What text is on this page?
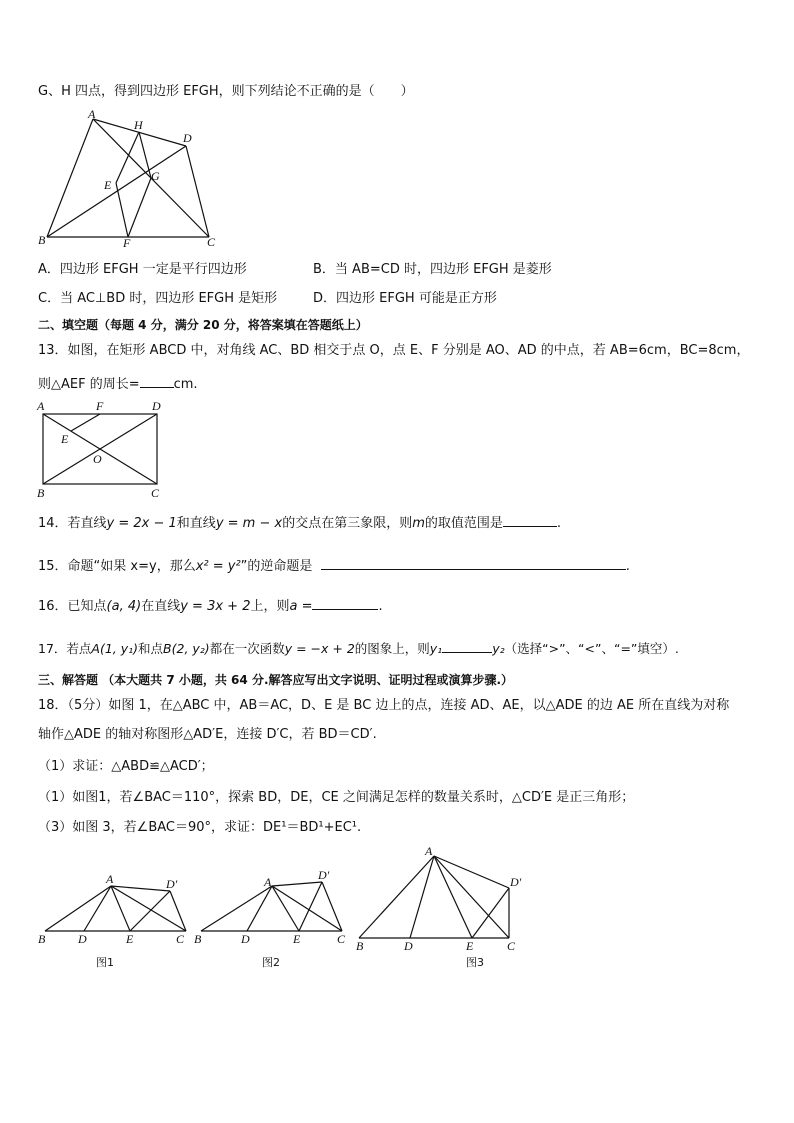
G、H 四点，得到四边形 EFGH，则下列结论不正确的是（　　）
A
H
D
E
G
B	F	C
A．四边形 EFGH 一定是平行四边形	B．当 AB=CD 时，四边形 EFGH 是菱形
C．当 AC⊥BD 时，四边形 EFGH 是矩形	D．四边形 EFGH 可能是正方形
二、填空题（每题 4 分，满分 20 分，将答案填在答题纸上）
13．如图，在矩形 ABCD 中，对角线 AC、BD 相交于点 O，点 E、F 分别是 AO、AD 的中点，若 AB=6cm，BC=8cm，
则△AEF 的周长=	cm.
A	F	D
E
O
B	C
14．若直线y = 2x − 1和直线y = m − x的交点在第三象限，则m的取值范围是	.
15．命题“如果 x=y，那么x² = y²”的逆命题是	.
16．已知点(a, 4)在直线y = 3x + 2上，则a =	.
17．若点A(1, y₁)和点B(2, y₂)都在一次函数y = −x + 2的图象上，则y₁	y₂（选择“>”、“<”、“=”填空）.
三、解答题 （本大题共 7 小题，共 64 分.解答应写出文字说明、证明过程或演算步骤.）
18．（5分）如图 1，在△ABC 中，AB＝AC，D、E 是 BC 边上的点，连接 AD、AE，以△ADE 的边 AE 所在直线为对称
轴作△ADE 的轴对称图形△AD′E，连接 D′C，若 BD＝CD′.
（1）求证：△ABD≌△ACD′；
（1）如图1，若∠BAC＝110°，探索 BD，DE，CE 之间满足怎样的数量关系时，△CD′E 是正三角形；
（3）如图 3，若∠BAC＝90°，求证：DE¹＝BD¹+EC¹.
A	D′
B	D	E	C
图1
A	D′
B	D	E	C
图2
A
D′
B	D	E	C
图3
